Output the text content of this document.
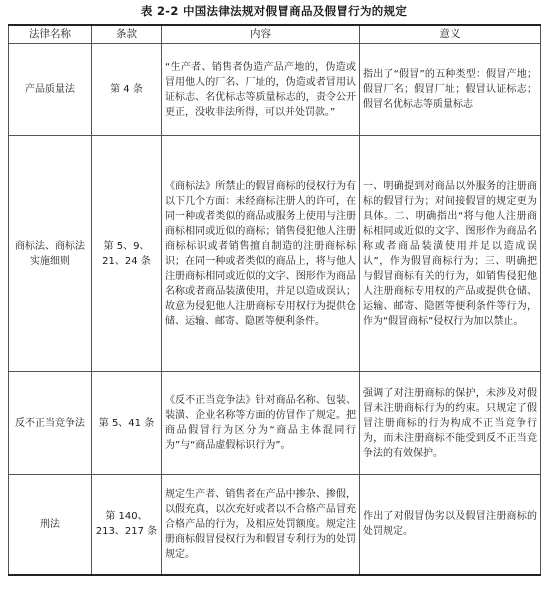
表 2-2 中国法律法规对假冒商品及假冒行为的规定
法律名称	条款	内容	意义
产品质量法	第 4 条	“生产者、销售者伪造产品产地的，伪造或冒用他人的厂名、厂址的，伪造或者冒用认证标志、名优标志等质量标志的，责令公开更正，没收非法所得，可以并处罚款。”	指出了“假冒”的五种类型：假冒产地；假冒厂名；假冒厂址；假冒认证标志；假冒名优标志等质量标志
商标法、商标法实施细则	第 5、9、21、24 条	《商标法》所禁止的假冒商标的侵权行为有以下几个方面：未经商标注册人的许可，在同一种或者类似的商品或服务上使用与注册商标相同或近似的商标；销售侵犯他人注册商标标识或者销售擅自制造的注册商标标识；在同一种或者类似的商品上，将与他人注册商标相同或近似的文字、图形作为商品名称或者商品装潢使用，并足以造成误认；故意为侵犯他人注册商标专用权行为提供仓储、运输、邮寄、隐匿等便利条件。	一、明确提到对商品以外服务的注册商标的假冒行为；对间接假冒的规定更为具体。二、明确指出“将与他人注册商标相同或近似的文字、图形作为商品名称或者商品装潢使用并足以造成误认”，作为假冒商标行为；三、明确把与假冒商标有关的行为，如销售侵犯他人注册商标专用权的产品或提供仓储、运输、邮寄、隐匿等便利条件等行为，作为“假冒商标”侵权行为加以禁止。
反不正当竞争法	第 5、41 条	《反不正当竞争法》针对商品名称、包装、装潢、企业名称等方面的仿冒作了规定。把商品假冒行为区分为“商品主体混同行为”与“商品虚假标识行为”。	强调了对注册商标的保护，未涉及对假冒未注册商标行为的约束。只规定了假冒注册商标的行为构成不正当竞争行为，而未注册商标不能受到反不正当竞争法的有效保护。
刑法	第 140、213、217 条	规定生产者、销售者在产品中掺杂、掺假，以假充真，以次充好或者以不合格产品冒充合格产品的行为，及相应处罚额度。规定注册商标假冒侵权行为和假冒专利行为的处罚规定。	作出了对假冒伪劣以及假冒注册商标的处罚规定。
